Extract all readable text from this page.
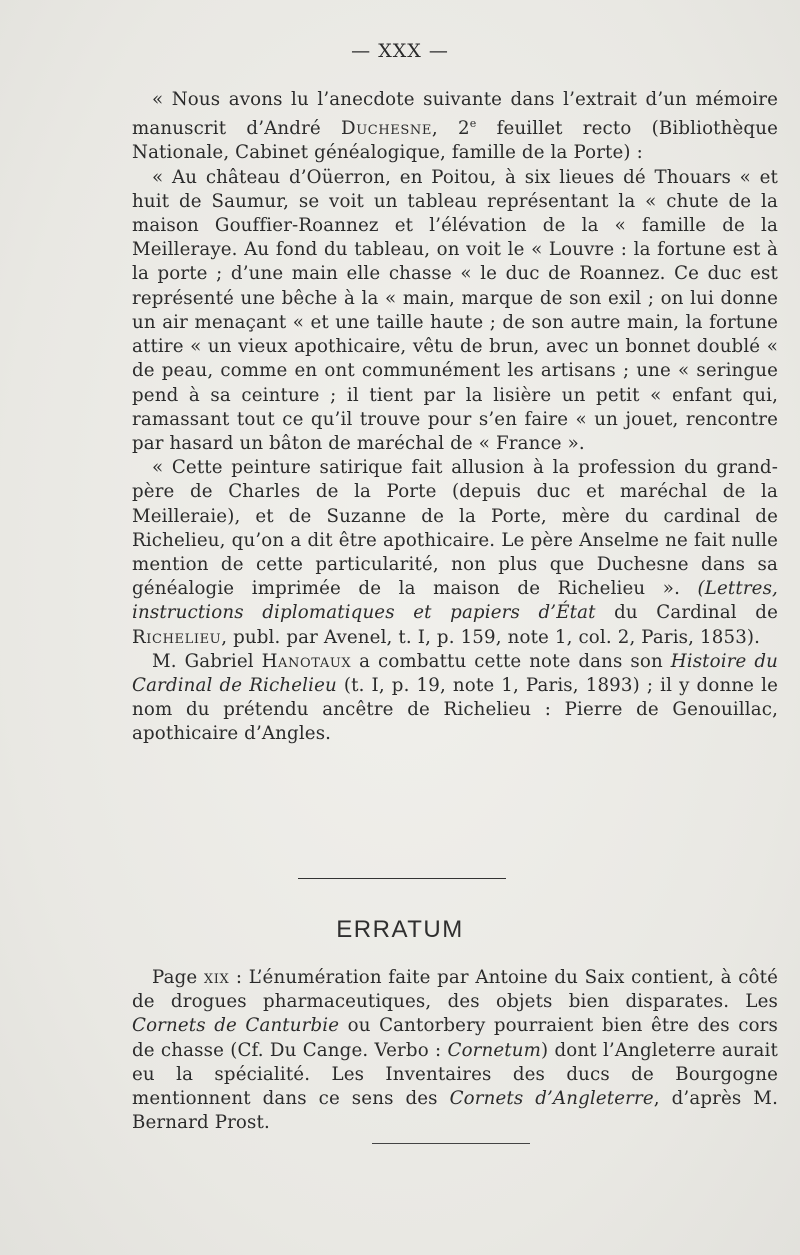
— XXX —

« Nous avons lu l’anecdote suivante dans l’extrait d’un mémoire manuscrit d’André Duchesne, 2e feuillet recto (Bibliothèque Nationale, Cabinet généalogique, famille de la Porte) :

« Au château d’Oüerron, en Poitou, à six lieues dé Thouars « et huit de Saumur, se voit un tableau représentant la « chute de la maison Gouffier-Roannez et l’élévation de la « famille de la Meilleraye. Au fond du tableau, on voit le « Louvre : la fortune est à la porte ; d’une main elle chasse « le duc de Roannez. Ce duc est représenté une bêche à la « main, marque de son exil ; on lui donne un air menaçant « et une taille haute ; de son autre main, la fortune attire « un vieux apothicaire, vêtu de brun, avec un bonnet doublé « de peau, comme en ont communément les artisans ; une « seringue pend à sa ceinture ; il tient par la lisière un petit « enfant qui, ramassant tout ce qu’il trouve pour s’en faire « un jouet, rencontre par hasard un bâton de maréchal de « France ».

« Cette peinture satirique fait allusion à la profession du grand-père de Charles de la Porte (depuis duc et maréchal de la Meilleraie), et de Suzanne de la Porte, mère du cardinal de Richelieu, qu’on a dit être apothicaire. Le père Anselme ne fait nulle mention de cette particularité, non plus que Duchesne dans sa généalogie imprimée de la maison de Richelieu ». (Lettres, instructions diplomatiques et papiers d’État du Cardinal de Richelieu, publ. par Avenel, t. I, p. 159, note 1, col. 2, Paris, 1853).

M. Gabriel Hanotaux a combattu cette note dans son Histoire du Cardinal de Richelieu (t. I, p. 19, note 1, Paris, 1893) ; il y donne le nom du prétendu ancêtre de Richelieu : Pierre de Genouillac, apothicaire d’Angles.

ERRATUM

Page xix : L’énumération faite par Antoine du Saix contient, à côté de drogues pharmaceutiques, des objets bien disparates. Les Cornets de Canturbie ou Cantorbery pourraient bien être des cors de chasse (Cf. Du Cange. Verbo : Cornetum) dont l’Angleterre aurait eu la spécialité. Les Inventaires des ducs de Bourgogne mentionnent dans ce sens des Cornets d’Angleterre, d’après M. Bernard Prost.
